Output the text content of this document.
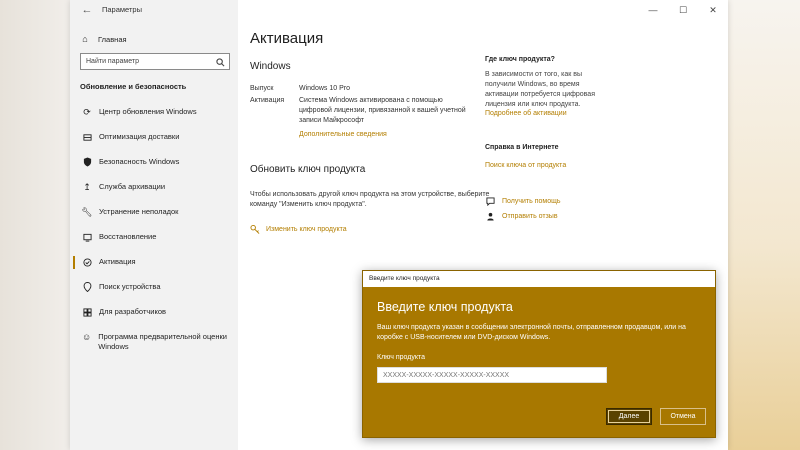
⌂	Главная
Найти параметр
Обновление и безопасность
⟳ Центр обновления Windows
Оптимизация доставки
Безопасность Windows
↥ Служба архивации
🔧︎ Устранение неполадок
Восстановление
Активация
Поиск устройства
Для разработчиков
☺ Программа предварительной оценки Windows
← Параметры	—	☐	✕
Активация
Windows
Выпуск	Windows 10 Pro
Активация	Система Windows активирована с помощью цифровой лицензии, привязанной к вашей учетной записи Майкрософт
Дополнительные сведения
Обновить ключ продукта
Чтобы использовать другой ключ продукта на этом устройстве, выберите команду "Изменить ключ продукта".
Изменить ключ продукта
Где ключ продукта?
В зависимости от того, как вы получили Windows, во время активации потребуется цифровая лицензия или ключ продукта.
Подробнее об активации
Справка в Интернете
Поиск ключа от продукта
Получить помощь
Отправить отзыв
Введите ключ продукта
Введите ключ продукта
Ваш ключ продукта указан в сообщении электронной почты, отправленном продавцом, или на коробке с USB-носителем или DVD-диском Windows.
Ключ продукта
XXXXX-XXXXX-XXXXX-XXXXX-XXXXX
Далее	Отмена
